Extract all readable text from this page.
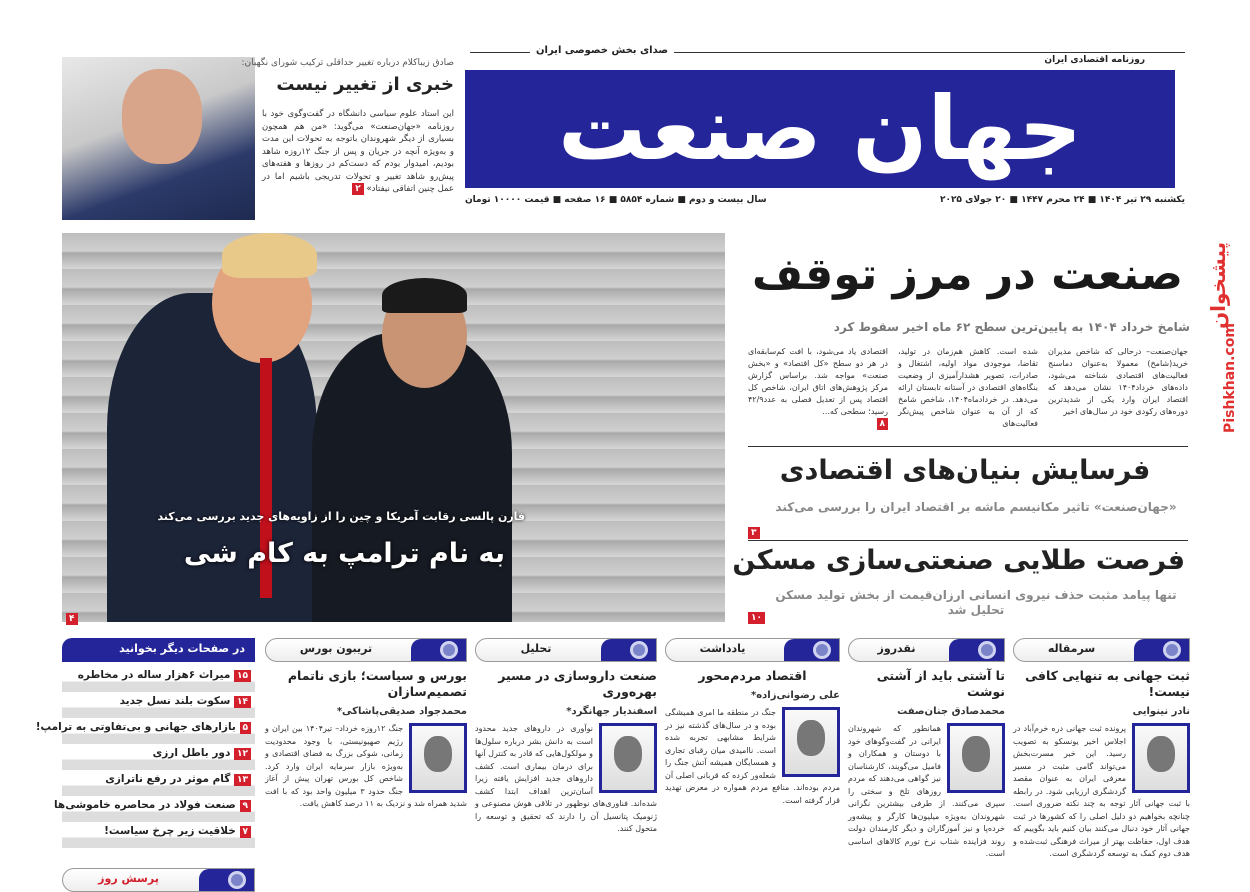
روزنامه اقتصادی ایران
صدای بخش خصوصی ایران
جهان صنعت
یکشنبه ۲۹ تیر ۱۴۰۴ ■ ۲۴ محرم ۱۴۴۷ ■ ۲۰ جولای ۲۰۲۵
سال بیست و دوم ■ شماره ۵۸۵۴ ■ ۱۶ صفحه ■ قیمت ۱۰۰۰۰ تومان
صادق زیباکلام درباره تغییر حداقلی ترکیب شورای نگهبان:
خبری از تغییر نیست
این استاد علوم سیاسی دانشگاه در گفت‌وگوی خود با روزنامه «جهان‌صنعت» می‌گوید: «من هم همچون بسیاری از دیگر شهروندان باتوجه به تحولات این مدت و به‌ویژه آنچه در جریان و پس از جنگ ۱۲روزه شاهد بودیم، امیدوار بودم که دست‌کم در روزها و هفته‌های پیش‌رو شاهد تغییر و تحولات تدریجی باشیم اما در عمل چنین اتفاقی نیفتاد» ۲
فارن پالسی رقابت آمریکا و چین را از زاویه‌های جدید بررسی می‌کند
به نام ترامپ به کام شی
۴
صنعت در مرز توقف
شامخ خرداد ۱۴۰۴ به پایین‌ترین سطح ۶۲ ماه اخیر سقوط کرد
جهان‌صنعت– درحالی که شاخص مدیران خرید(شامخ) معمولا به‌عنوان دماسنج فعالیت‌های اقتصادی شناخته می‌شود، داده‌های خرداد۱۴۰۴ نشان می‌دهد که اقتصاد ایران وارد یکی از شدیدترین دوره‌های رکودی خود در سال‌های اخیر
شده است. کاهش هم‌زمان در تولید، تقاضا، موجودی مواد اولیه، اشتغال و صادرات، تصویر هشدارآمیزی از وضعیت بنگاه‌های اقتصادی در آستانه تابستان ارائه می‌دهد. در خردادماه۱۴۰۴، شاخص شامخ که از آن به عنوان شاخص پیش‌نگر فعالیت‌های
اقتصادی یاد می‌شود، با افت کم‌سابقه‌ای در هر دو سطح «کل اقتصاد» و «بخش صنعت» مواجه شد. براساس گزارش مرکز پژوهش‌های اتاق ایران، شاخص کل اقتصاد پس از تعدیل فصلی به عدد۴۲/۹ رسید؛ سطحی که...
۸
پیشخوان
Pishkhan.com
فرسایش بنیان‌های اقتصادی
«جهان‌صنعت» تاثیر مکانیسم ماشه بر اقتصاد ایران را بررسی می‌کند
۳
فرصت طلایی صنعتی‌سازی مسکن
تنها پیامد مثبت حذف نیروی انسانی ارزان‌قیمت از بخش تولید مسکن تحلیل شد
۱۰
سرمقاله
ثبت جهانی به تنهایی کافی نیست!
نادر نینوایی
پرونده ثبت جهانی دره خرم‌آباد در اجلاس اخیر یونسکو به تصویب رسید. این خبر مسرت‌بخش می‌تواند گامی مثبت در مسیر معرفی ایران به عنوان مقصد گردشگری ارزیابی شود. در رابطه با ثبت جهانی آثار توجه به چند نکته ضروری است. چنانچه بخواهیم دو دلیل اصلی را که کشورها در ثبت جهانی آثار خود دنبال می‌کنند بیان کنیم باید بگوییم که هدف اول، حفاظت بهتر از میراث فرهنگی ثبت‌شده و هدف دوم کمک به توسعه گردشگری است.
نقدروز
تا آشتی باید از آشتی نوشت
محمدصادق جنان‌صفت
همانطور که شهروندان ایرانی در گفت‌وگوهای خود با دوستان و همکاران و فامیل می‌گویند، کارشناسان نیز گواهی می‌دهند که مردم روزهای تلخ و سختی را سپری می‌کنند. از طرفی بیشترین نگرانی شهروندان به‌ویژه میلیون‌ها کارگر و پیشه‌ور خرده‌پا و نیز آموزگاران و دیگر کارمندان دولت روند فزاینده شتاب نرخ تورم کالاهای اساسی است.
یادداشت
اقتصاد مردم‌محور
علی رضوانی‌زاده*
جنگ در منطقه ما امری همیشگی بوده و در سال‌های گذشته نیز در شرایط مشابهی تجربه شده است. ناامیدی میان رقبای تجاری و همسایگان همیشه آتش جنگ را شعله‌ور کرده که قربانی اصلی آن مردم بوده‌اند. منافع مردم همواره در معرض تهدید قرار گرفته است.
تحلیل
صنعت داروسازی در مسیر بهره‌وری
اسفندیار جهانگرد*
نوآوری در داروهای جدید محدود است به دانش بشر درباره سلول‌ها و مولکول‌هایی که قادر به کنترل آنها برای درمان بیماری است. کشف داروهای جدید افزایش یافته زیرا آسان‌ترین اهداف ابتدا کشف شده‌اند. فناوری‌های نوظهور در تلاقی هوش مصنوعی و ژنومیک پتانسیل آن را دارند که تحقیق و توسعه را متحول کنند.
تریبون بورس
بورس و سیاست؛ بازی ناتمام تصمیم‌سازان
محمدجواد صدیقی‌پاشاکی*
جنگ ۱۲روزه خرداد– تیر۱۴۰۴ بین ایران و رژیم صهیونیستی، با وجود محدودیت زمانی، شوکی بزرگ به فضای اقتصادی و به‌ویژه بازار سرمایه ایران وارد کرد. شاخص کل بورس تهران پیش از آغاز جنگ حدود ۳ میلیون واحد بود که با افت شدید همراه شد و نزدیک به ۱۱ درصد کاهش یافت.
در صفحات دیگر بخوانید
۱۵ میراث ۶هزار ساله در مخاطره
۱۴ سکوت بلند نسل جدید
۵ بازارهای جهانی و بی‌تفاوتی به ترامپ!
۱۲ دور باطل ارزی
۱۳ گام موثر در رفع ناترازی
۹ صنعت فولاد در محاصره خاموشی‌ها
۷ خلاقیت زیر چرخ سیاست!
پرسش روز
